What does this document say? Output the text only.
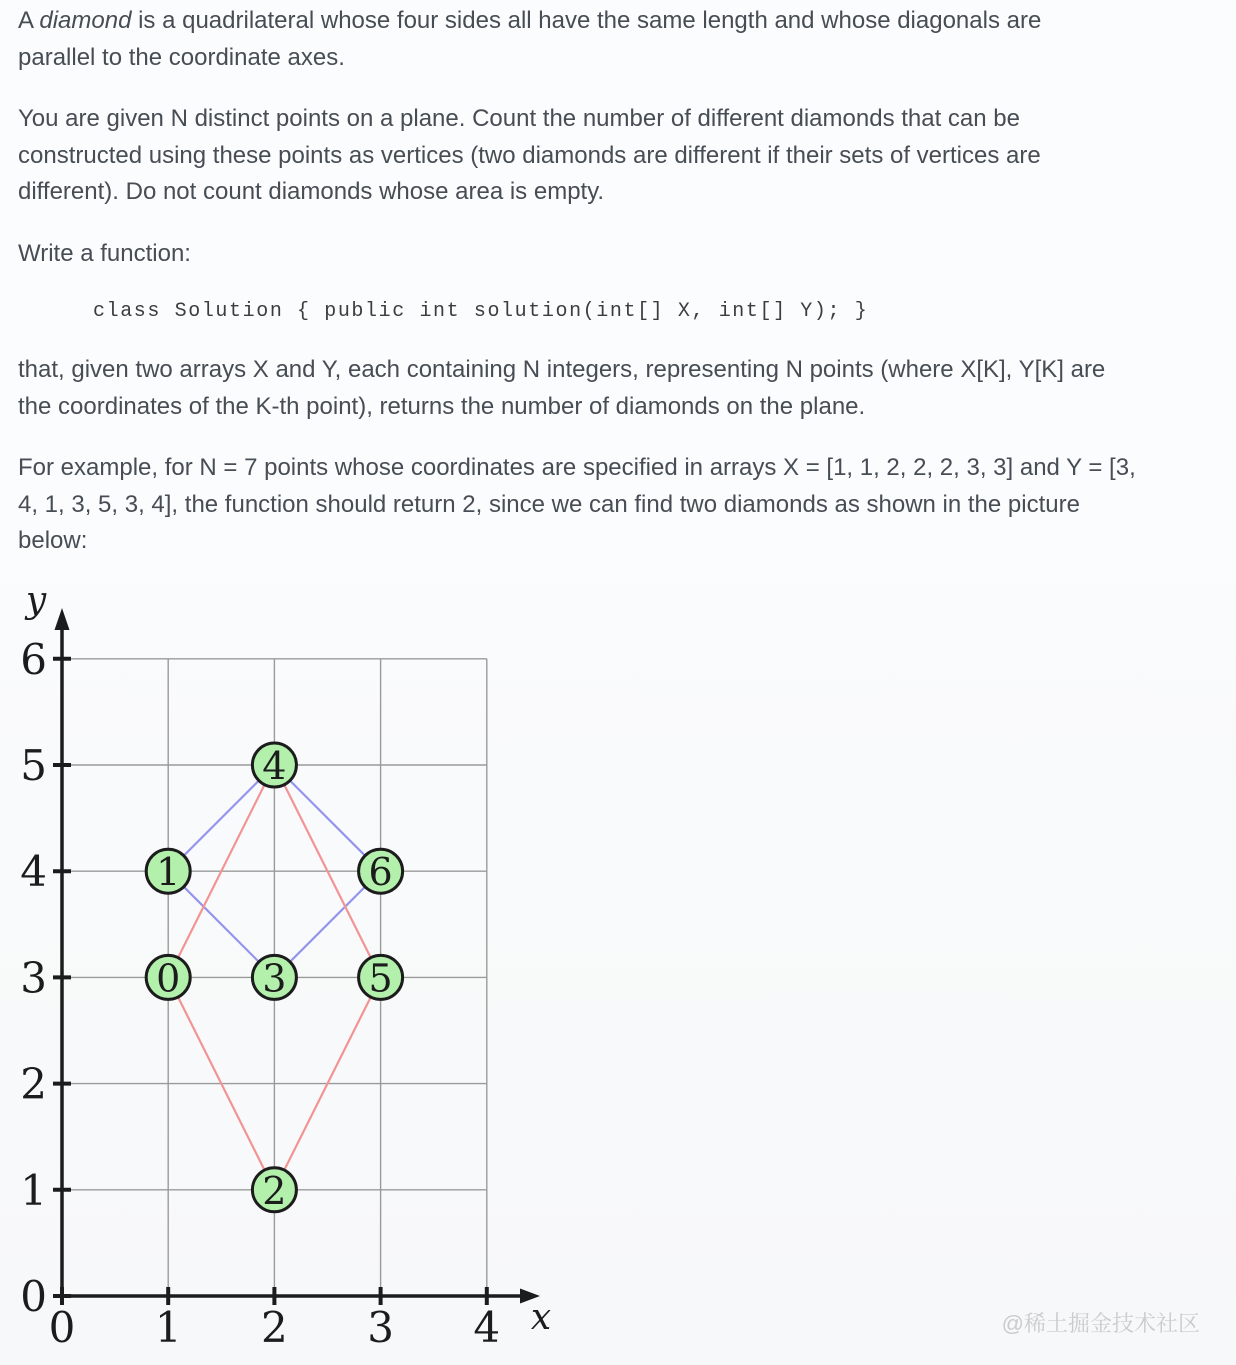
A diamond is a quadrilateral whose four sides all have the same length and whose diagonals are
parallel to the coordinate axes.

You are given N distinct points on a plane. Count the number of different diamonds that can be
constructed using these points as vertices (two diamonds are different if their sets of vertices are
different). Do not count diamonds whose area is empty.

Write a function:

class Solution { public int solution(int[] X, int[] Y); }

that, given two arrays X and Y, each containing N integers, representing N points (where X[K], Y[K] are
the coordinates of the K-th point), returns the number of diamonds on the plane.

For example, for N = 7 points whose coordinates are specified in arrays X = [1, 1, 2, 2, 2, 3, 3] and Y = [3,
4, 1, 3, 5, 3, 4], the function should return 2, since we can find two diamonds as shown in the picture
below:

0 1 2 3 4
0
1
2
3
4
5
6
x
y
0
1
2
3
4
5
6
@稀土掘金技术社区
